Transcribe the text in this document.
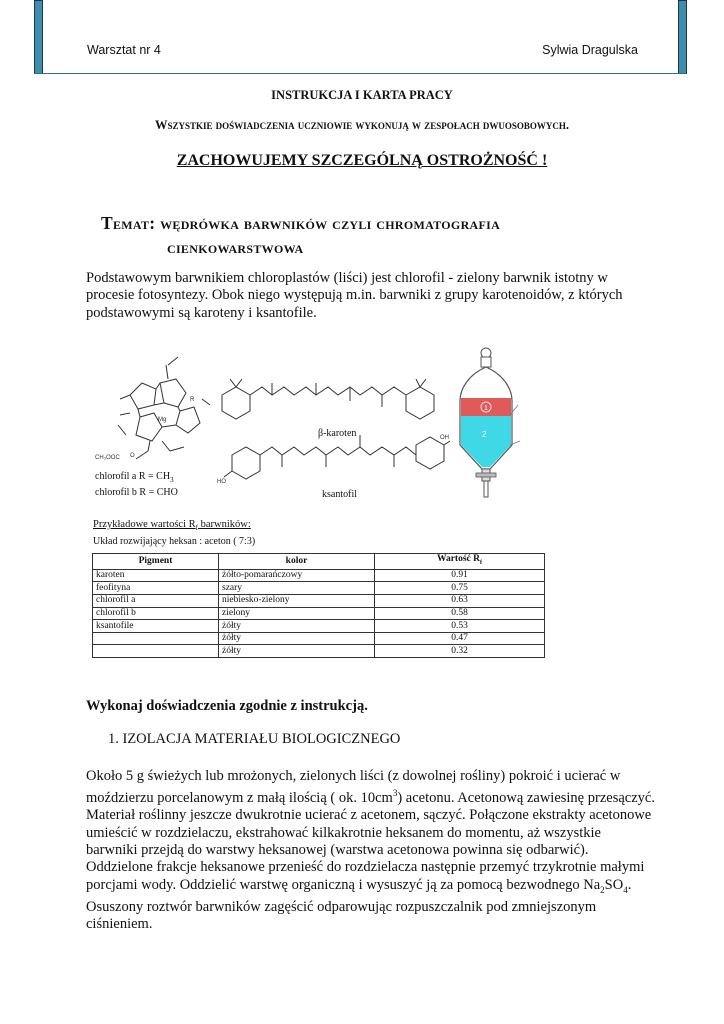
Warsztat nr 4	Sylwia Dragulska
INSTRUKCJA I KARTA PRACY
Wszystkie doświadczenia uczniowie wykonują w zespołach dwuosobowych.
ZACHOWUJEMY SZCZEGÓLNĄ OSTROŻNOŚĆ !
Temat: wędrówka barwników czyli chromatografia
cienkowarstwowa
Podstawowym barwnikiem chloroplastów (liści) jest chlorofil - zielony barwnik istotny w procesie fotosyntezy. Obok niego występują m.in. barwniki z grupy karotenoidów, z których podstawowymi są karoteny i ksantofile.
Mg
CH₃OOC
R
O
HO
OH
chlorofil a $R = CH_3$
chlorofil b R = CHO
β-karoten
ksantofil
1
2
Przykładowe wartości $R_f$ barwników:
Układ rozwijający heksan : aceton ( 7:3)
Pigment	kolor	Wartość $R_f$
karoten	żółto-pomarańczowy	0.91
feofityna	szary	0.75
chlorofil a	niebiesko-zielony	0.63
chlorofil b	zielony	0.58
ksantofile	żółty	0.53
	żółty	0.47
	żółty	0.32
Wykonaj doświadczenia zgodnie z instrukcją.
1. IZOLACJA MATERIAŁU BIOLOGICZNEGO
Około 5 g świeżych lub mrożonych, zielonych liści (z dowolnej rośliny) pokroić i ucierać w moździerzu porcelanowym z małą ilością ( ok. $10cm^3$) acetonu. Acetonową zawiesinę przesączyć. Materiał roślinny jeszcze dwukrotnie ucierać z acetonem, sączyć. Połączone ekstrakty acetonowe umieścić w rozdzielaczu, ekstrahować kilkakrotnie heksanem do momentu, aż wszystkie barwniki przejdą do warstwy heksanowej (warstwa acetonowa powinna się odbarwić). Oddzielone frakcje heksanowe przenieść do rozdzielacza następnie przemyć trzykrotnie małymi porcjami wody. Oddzielić warstwę organiczną i wysuszyć ją za pomocą bezwodnego $Na_2SO_4$. Osuszony roztwór barwników zagęścić odparowując rozpuszczalnik pod zmniejszonym ciśnieniem.
